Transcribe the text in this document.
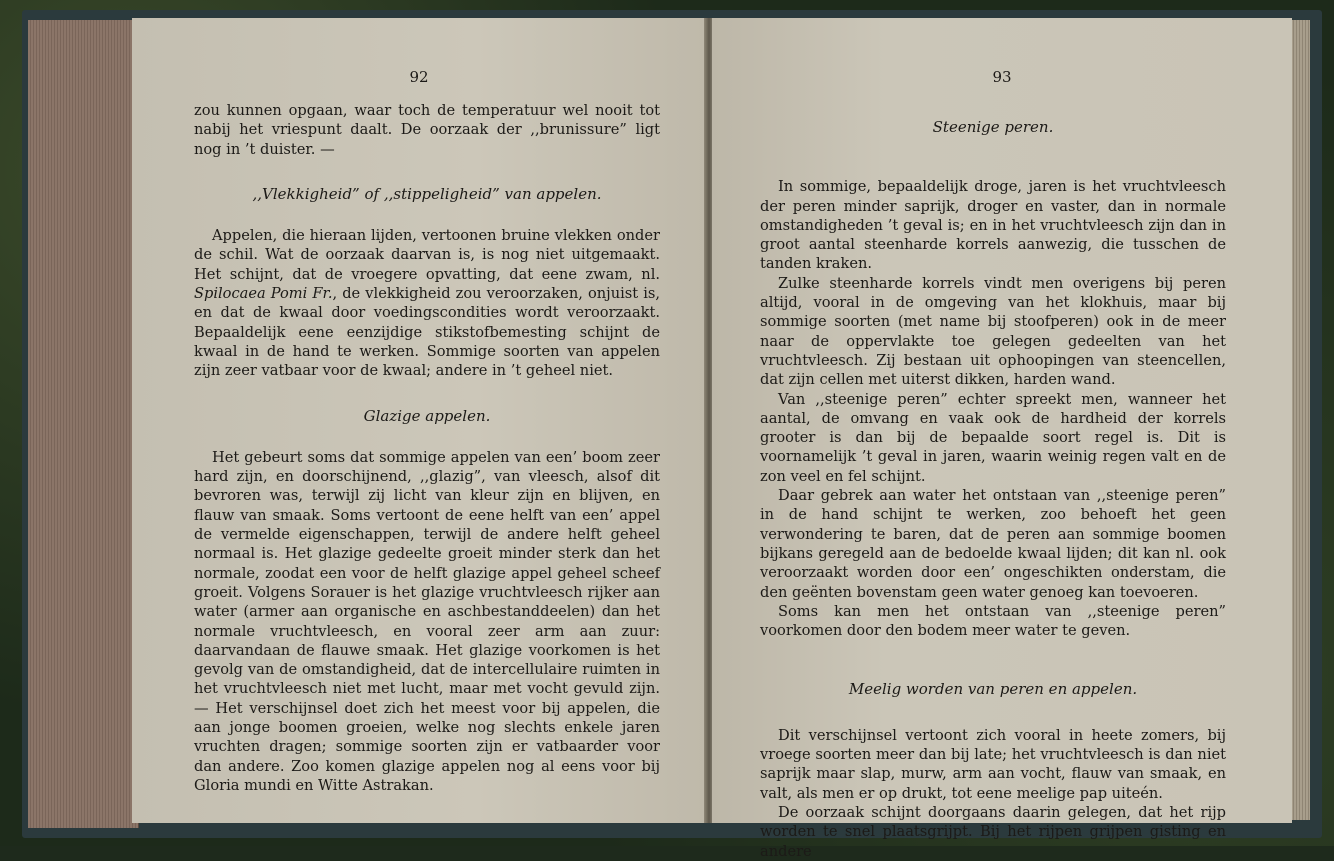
92

zou kunnen opgaan, waar toch de temperatuur wel nooit tot nabij het vriespunt daalt. De oorzaak der ,,brunissure” ligt nog in ’t duister. —

,,Vlekkigheid” of ,,stippeligheid” van appelen.

Appelen, die hieraan lijden, vertoonen bruine vlekken onder de schil. Wat de oorzaak daarvan is, is nog niet uitgemaakt. Het schijnt, dat de vroegere opvatting, dat eene zwam, nl. Spilocaea Pomi Fr., de vlekkigheid zou veroorzaken, onjuist is, en dat de kwaal door voedingscondities wordt veroorzaakt. Bepaaldelijk eene eenzijdige stikstofbemesting schijnt de kwaal in de hand te werken. Sommige soorten van appelen zijn zeer vatbaar voor de kwaal; andere in ’t geheel niet.

Glazige appelen.

Het gebeurt soms dat sommige appelen van een’ boom zeer hard zijn, en doorschijnend, ,,glazig”, van vleesch, alsof dit bevroren was, terwijl zij licht van kleur zijn en blijven, en flauw van smaak. Soms vertoont de eene helft van een’ appel de vermelde eigenschappen, terwijl de andere helft geheel normaal is. Het glazige gedeelte groeit minder sterk dan het normale, zoodat een voor de helft glazige appel geheel scheef groeit. Volgens Sorauer is het glazige vruchtvleesch rijker aan water (armer aan organische en aschbestanddeelen) dan het normale vruchtvleesch, en vooral zeer arm aan zuur: daarvandaan de flauwe smaak. Het glazige voorkomen is het gevolg van de omstandigheid, dat de intercellulaire ruimten in het vruchtvleesch niet met lucht, maar met vocht gevuld zijn. — Het verschijnsel doet zich het meest voor bij appelen, die aan jonge boomen groeien, welke nog slechts enkele jaren vruchten dragen; sommige soorten zijn er vatbaarder voor dan andere. Zoo komen glazige appelen nog al eens voor bij Gloria mundi en Witte Astrakan.

93

Steenige peren.

In sommige, bepaaldelijk droge, jaren is het vruchtvleesch der peren minder saprijk, droger en vaster, dan in normale omstandigheden ’t geval is; en in het vruchtvleesch zijn dan in groot aantal steenharde korrels aanwezig, die tusschen de tanden kraken.

Zulke steenharde korrels vindt men overigens bij peren altijd, vooral in de omgeving van het klokhuis, maar bij sommige soorten (met name bij stoofperen) ook in de meer naar de oppervlakte toe gelegen gedeelten van het vruchtvleesch. Zij bestaan uit ophoopingen van steencellen, dat zijn cellen met uiterst dikken, harden wand.

Van ,,steenige peren” echter spreekt men, wanneer het aantal, de omvang en vaak ook de hardheid der korrels grooter is dan bij de bepaalde soort regel is. Dit is voornamelijk ’t geval in jaren, waarin weinig regen valt en de zon veel en fel schijnt.

Daar gebrek aan water het ontstaan van ,,steenige peren” in de hand schijnt te werken, zoo behoeft het geen verwondering te baren, dat de peren aan sommige boomen bijkans geregeld aan de bedoelde kwaal lijden; dit kan nl. ook veroorzaakt worden door een’ ongeschikten onderstam, die den geënten bovenstam geen water genoeg kan toevoeren.

Soms kan men het ontstaan van ,,steenige peren” voorkomen door den bodem meer water te geven.

Meelig worden van peren en appelen.

Dit verschijnsel vertoont zich vooral in heete zomers, bij vroege soorten meer dan bij late; het vruchtvleesch is dan niet saprijk maar slap, murw, arm aan vocht, flauw van smaak, en valt, als men er op drukt, tot eene meelige pap uiteén.

De oorzaak schijnt doorgaans daarin gelegen, dat het rijp worden te snel plaatsgrijpt. Bij het rijpen grijpen gisting en andere
